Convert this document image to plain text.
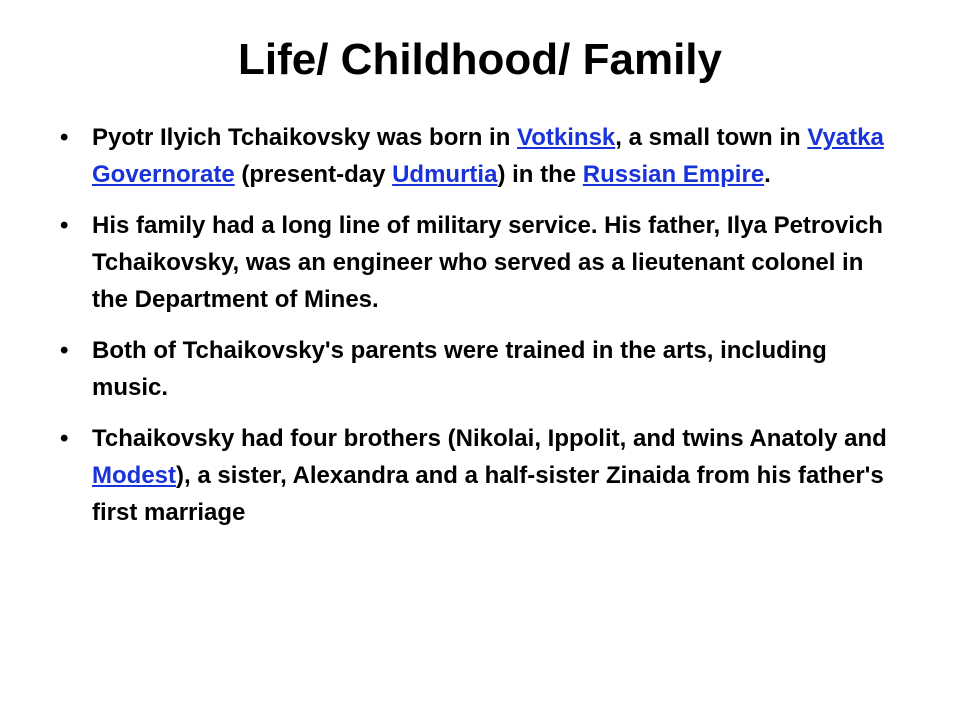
Life/ Childhood/ Family
• Pyotr Ilyich Tchaikovsky was born in Votkinsk, a small town in Vyatka Governorate (present-day Udmurtia) in the Russian Empire.
• His family had a long line of military service. His father, Ilya Petrovich Tchaikovsky, was an engineer who served as a lieutenant colonel in the Department of Mines.
• Both of Tchaikovsky's parents were trained in the arts, including music.
• Tchaikovsky had four brothers (Nikolai, Ippolit, and twins Anatoly and Modest), a sister, Alexandra and a half-sister Zinaida from his father's first marriage
